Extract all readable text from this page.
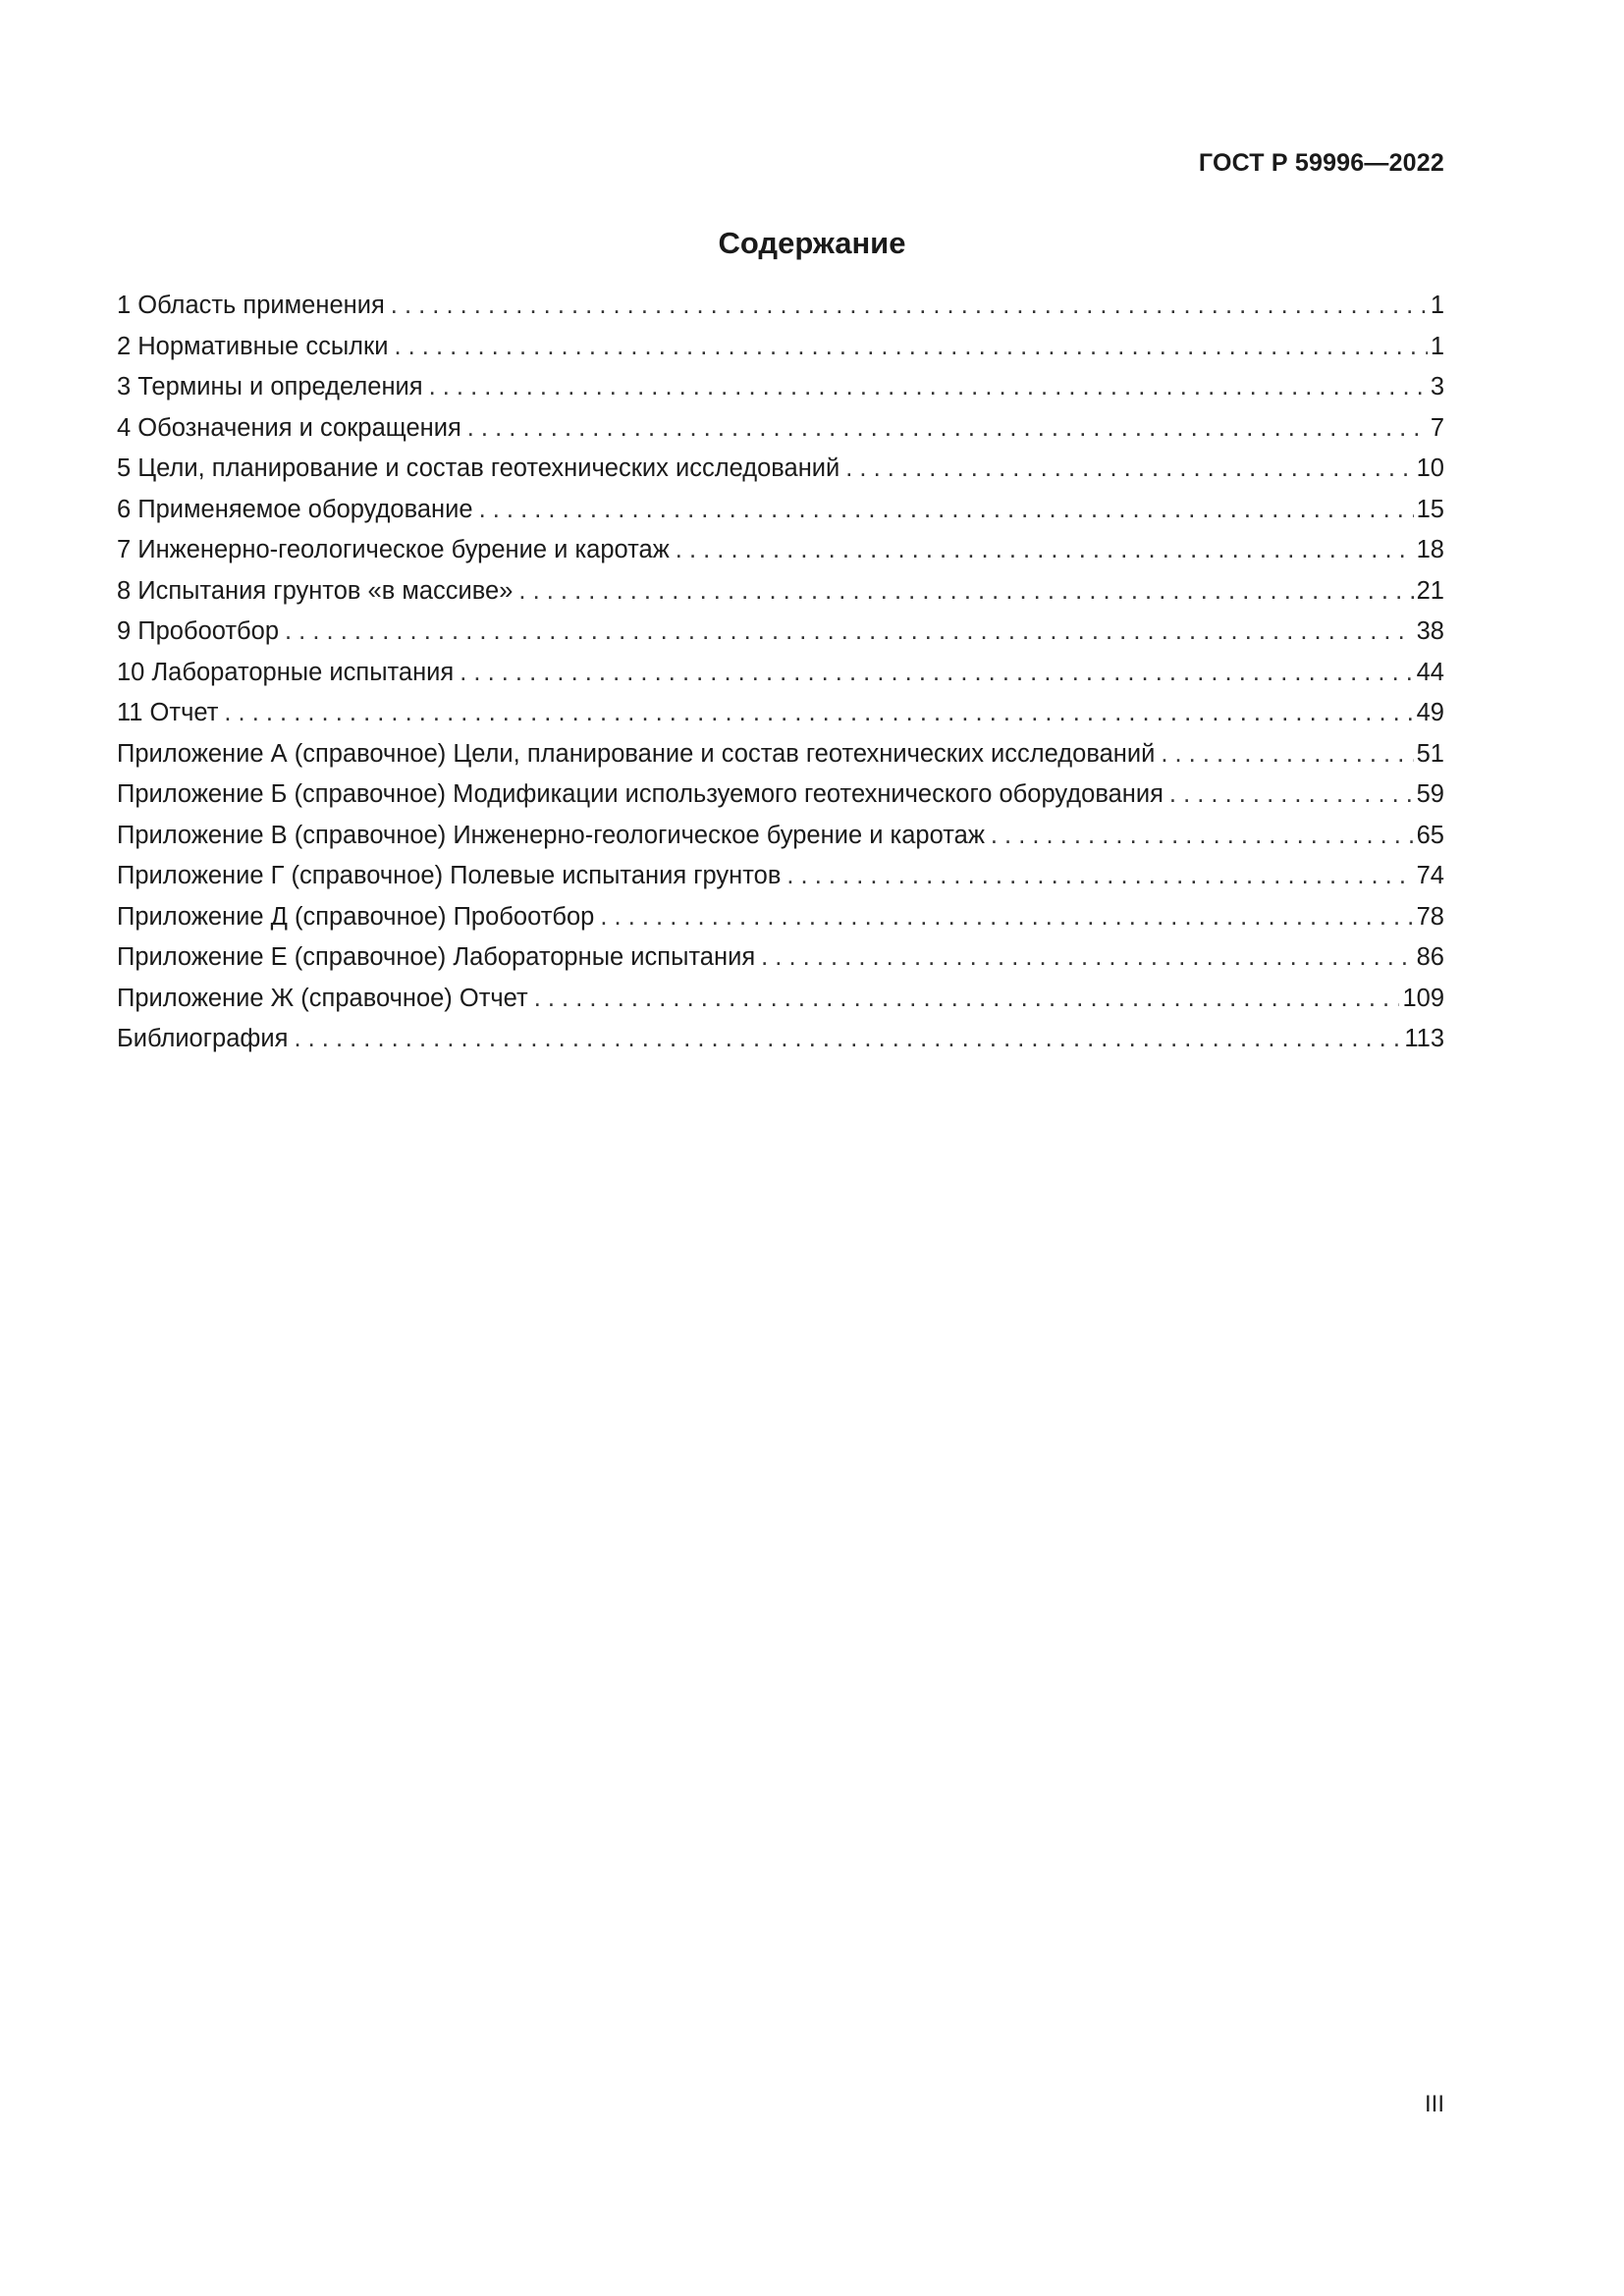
ГОСТ Р 59996—2022
Содержание
1 Область применения . . .	1
2 Нормативные ссылки . . .	1
3 Термины и определения . . .	3
4 Обозначения и сокращения . . .	7
5 Цели, планирование и состав геотехнических исследований . . .	10
6 Применяемое оборудование . . .	15
7 Инженерно-геологическое бурение и каротаж . . .	18
8 Испытания грунтов «в массиве» . . .	21
9 Пробоотбор . . .	38
10 Лабораторные испытания . . .	44
11 Отчет . . .	49
Приложение А (справочное) Цели, планирование и состав геотехнических исследований . . .	51
Приложение Б (справочное) Модификации используемого геотехнического оборудования . . .	59
Приложение В (справочное) Инженерно-геологическое бурение и каротаж . . .	65
Приложение Г (справочное) Полевые испытания грунтов . . .	74
Приложение Д (справочное) Пробоотбор . . .	78
Приложение Е (справочное) Лабораторные испытания . . .	86
Приложение Ж (справочное) Отчет . . .	109
Библиография . . .	113
III
